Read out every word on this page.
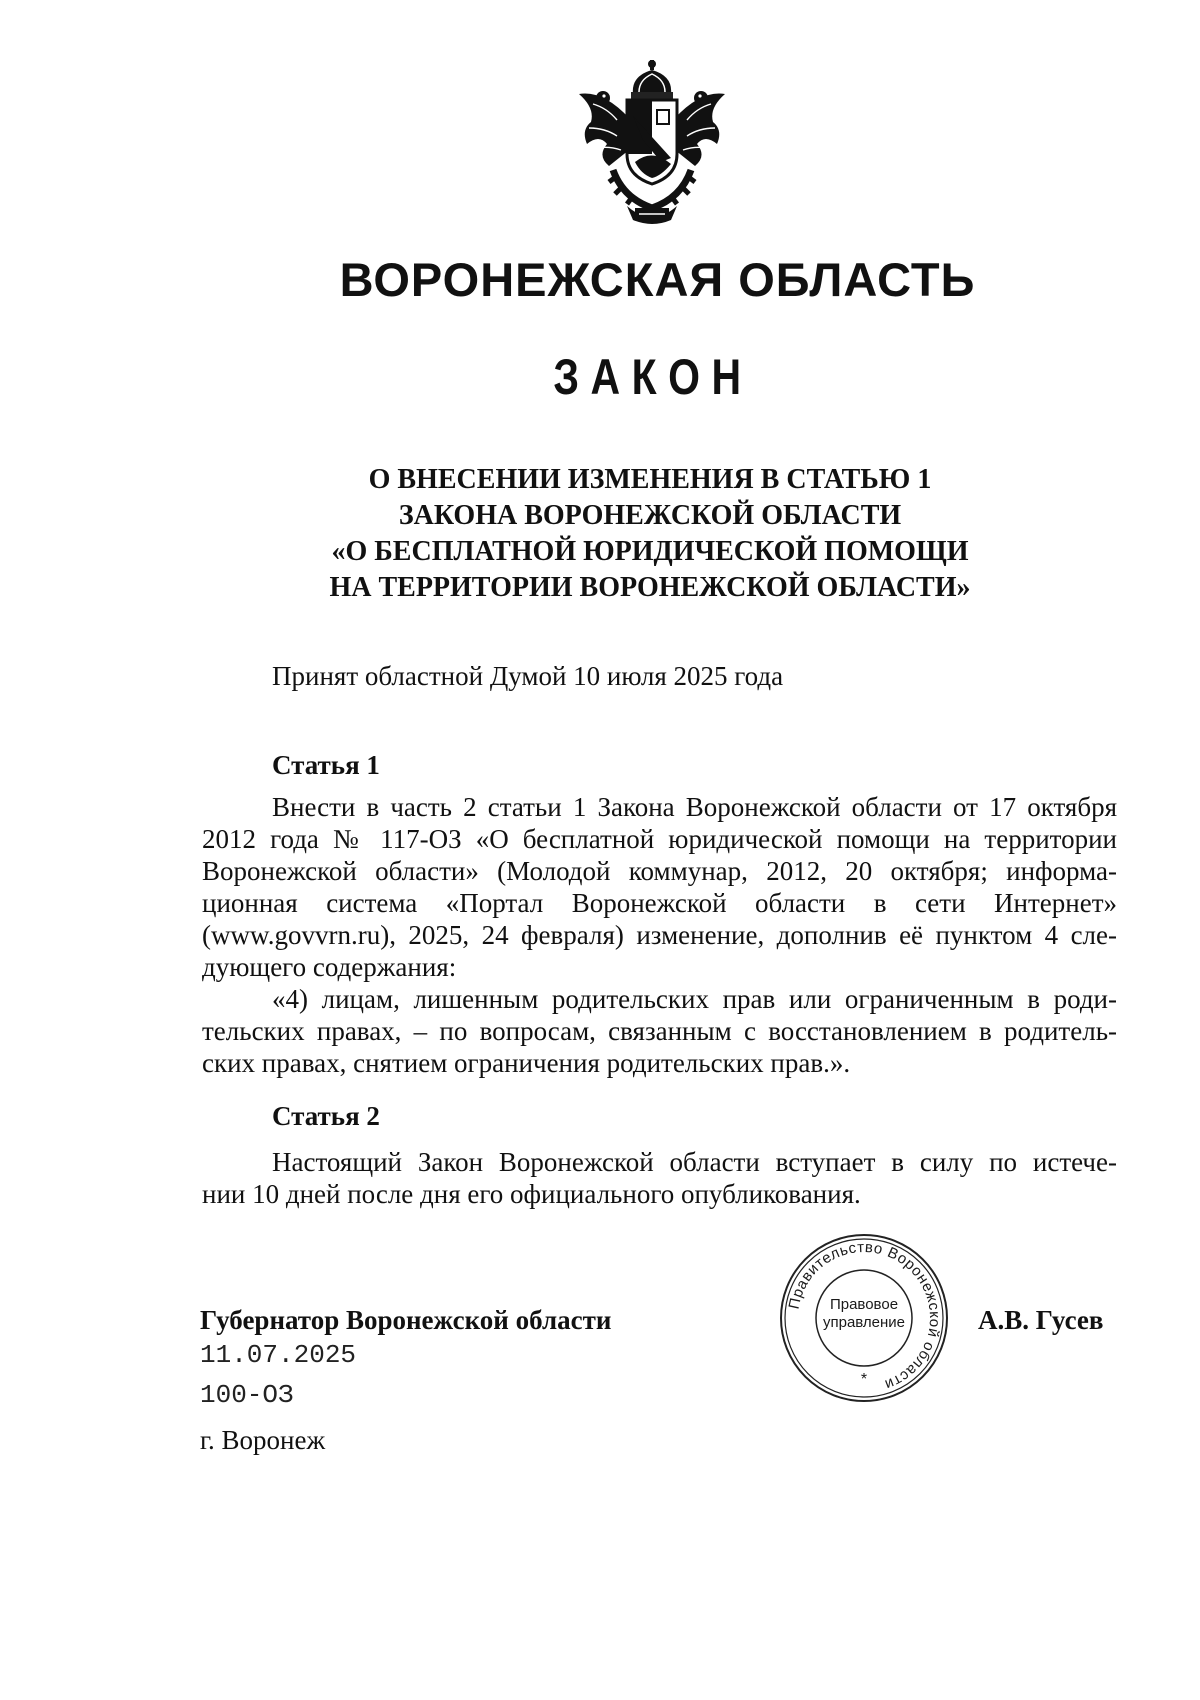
ВОРОНЕЖСКАЯ ОБЛАСТЬ
ЗАКОН
О ВНЕСЕНИИ ИЗМЕНЕНИЯ В СТАТЬЮ 1
ЗАКОНА ВОРОНЕЖСКОЙ ОБЛАСТИ
«О БЕСПЛАТНОЙ ЮРИДИЧЕСКОЙ ПОМОЩИ
НА ТЕРРИТОРИИ ВОРОНЕЖСКОЙ ОБЛАСТИ»
Принят областной Думой 10 июля 2025 года
Статья 1
Внести в часть 2 статьи 1 Закона Воронежской области от 17 октября
2012 года № 117-ОЗ «О бесплатной юридической помощи на территории
Воронежской области» (Молодой коммунар, 2012, 20 октября; информа-
ционная система «Портал Воронежской области в сети Интернет»
(www.govvrn.ru), 2025, 24 февраля) изменение, дополнив её пунктом 4 сле-
дующего содержания:
«4) лицам, лишенным родительских прав или ограниченным в роди-
тельских правах, – по вопросам, связанным с восстановлением в родитель-
ских правах, снятием ограничения родительских прав.».
Статья 2
Настоящий Закон Воронежской области вступает в силу по истече-
нии 10 дней после дня его официального опубликования.
Губернатор Воронежской области	А.В. Гусев
11.07.2025
100-ОЗ
г. Воронеж
Правительство Воронежской области
*
Правовое
управление
